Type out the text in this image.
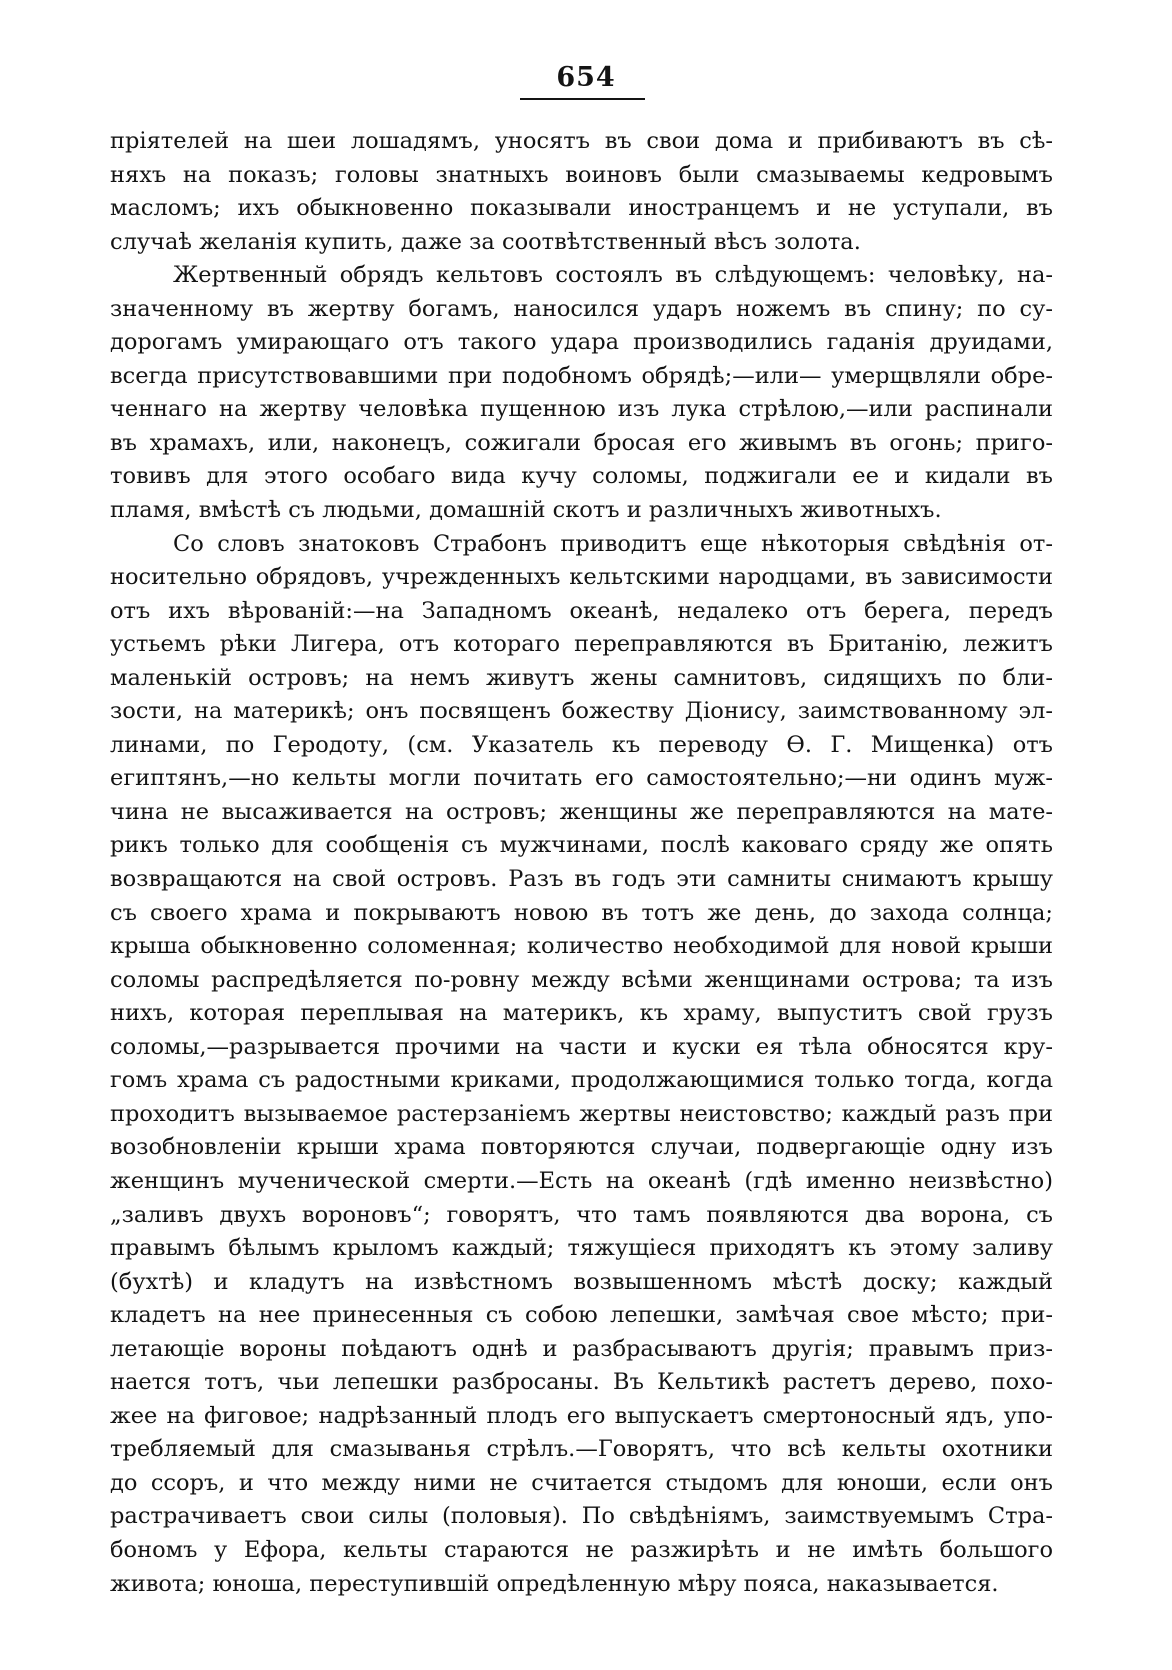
654
пріятелей на шеи лошадямъ, уносятъ въ свои дома и прибиваютъ въ сѣ-
няхъ на показъ; головы знатныхъ воиновъ были смазываемы кедровымъ
масломъ; ихъ обыкновенно показывали иностранцемъ и не уступали, въ
случаѣ желанія купить, даже за соотвѣтственный вѣсъ золота.
Жертвенный обрядъ кельтовъ состоялъ въ слѣдующемъ: человѣку, на-
значенному въ жертву богамъ, наносился ударъ ножемъ въ спину; по су-
дорогамъ умирающаго отъ такого удара производились гаданія друидами,
всегда присутствовавшими при подобномъ обрядѣ;—или— умерщвляли обре-
ченнаго на жертву человѣка пущенною изъ лука стрѣлою,—или распинали
въ храмахъ, или, наконецъ, сожигали бросая его живымъ въ огонь; приго-
товивъ для этого особаго вида кучу соломы, поджигали ее и кидали въ
пламя, вмѣстѣ съ людьми, домашній скотъ и различныхъ животныхъ.
Со словъ знатоковъ Страбонъ приводитъ еще нѣкоторыя свѣдѣнія от-
носительно обрядовъ, учрежденныхъ кельтскими народцами, въ зависимости
отъ ихъ вѣрованій:—на Западномъ океанѣ, недалеко отъ берега, передъ
устьемъ рѣки Лигера, отъ котораго переправляются въ Британію, лежитъ
маленькій островъ; на немъ живутъ жены самнитовъ, сидящихъ по бли-
зости, на материкѣ; онъ посвященъ божеству Діонису, заимствованному эл-
линами, по Геродоту, (см. Указатель къ переводу Ѳ. Г. Мищенка) отъ
египтянъ,—но кельты могли почитать его самостоятельно;—ни одинъ муж-
чина не высаживается на островъ; женщины же переправляются на мате-
рикъ только для сообщенія съ мужчинами, послѣ каковаго сряду же опять
возвращаются на свой островъ. Разъ въ годъ эти самниты снимаютъ крышу
съ своего храма и покрываютъ новою въ тотъ же день, до захода солнца;
крыша обыкновенно соломенная; количество необходимой для новой крыши
соломы распредѣляется по-ровну между всѣми женщинами острова; та изъ
нихъ, которая переплывая на материкъ, къ храму, выпуститъ свой грузъ
соломы,—разрывается прочими на части и куски ея тѣла обносятся кру-
гомъ храма съ радостными криками, продолжающимися только тогда, когда
проходитъ вызываемое растерзаніемъ жертвы неистовство; каждый разъ при
возобновленіи крыши храма повторяются случаи, подвергающіе одну изъ
женщинъ мученической смерти.—Есть на океанѣ (гдѣ именно неизвѣстно)
„заливъ двухъ вороновъ“; говорятъ, что тамъ появляются два ворона, съ
правымъ бѣлымъ крыломъ каждый; тяжущіеся приходятъ къ этому заливу
(бухтѣ) и кладутъ на извѣстномъ возвышенномъ мѣстѣ доску; каждый
кладетъ на нее принесенныя съ собою лепешки, замѣчая свое мѣсто; при-
летающіе вороны поѣдаютъ однѣ и разбрасываютъ другія; правымъ приз-
нается тотъ, чьи лепешки разбросаны. Въ Кельтикѣ растетъ дерево, похо-
жее на фиговое; надрѣзанный плодъ его выпускаетъ смертоносный ядъ, упо-
требляемый для смазыванья стрѣлъ.—Говорятъ, что всѣ кельты охотники
до ссоръ, и что между ними не считается стыдомъ для юноши, если онъ
растрачиваетъ свои силы (половыя). По свѣдѣніямъ, заимствуемымъ Стра-
бономъ у Ефора, кельты стараются не разжирѣть и не имѣть большого
живота; юноша, переступившій опредѣленную мѣру пояса, наказывается.
